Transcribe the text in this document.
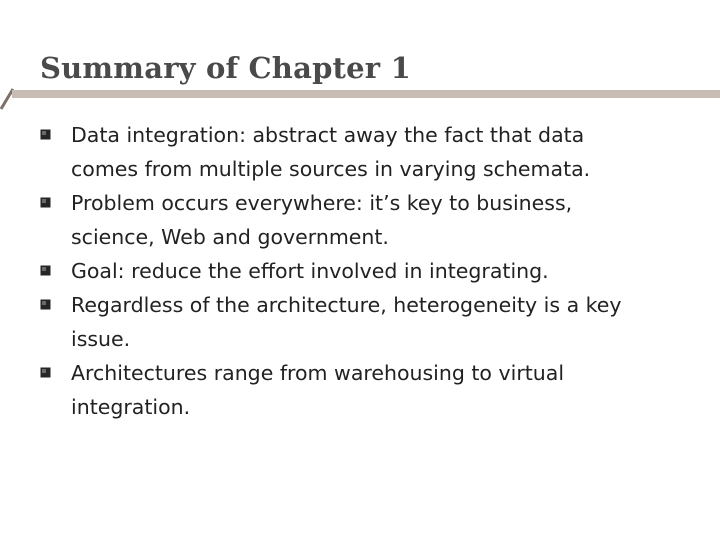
Summary of Chapter 1
Data integration: abstract away the fact that data
comes from multiple sources in varying schemata.
Problem occurs everywhere: it’s key to business,
science, Web and government.
Goal: reduce the effort involved in integrating.
Regardless of the architecture, heterogeneity is a key
issue.
Architectures range from warehousing to virtual
integration.
